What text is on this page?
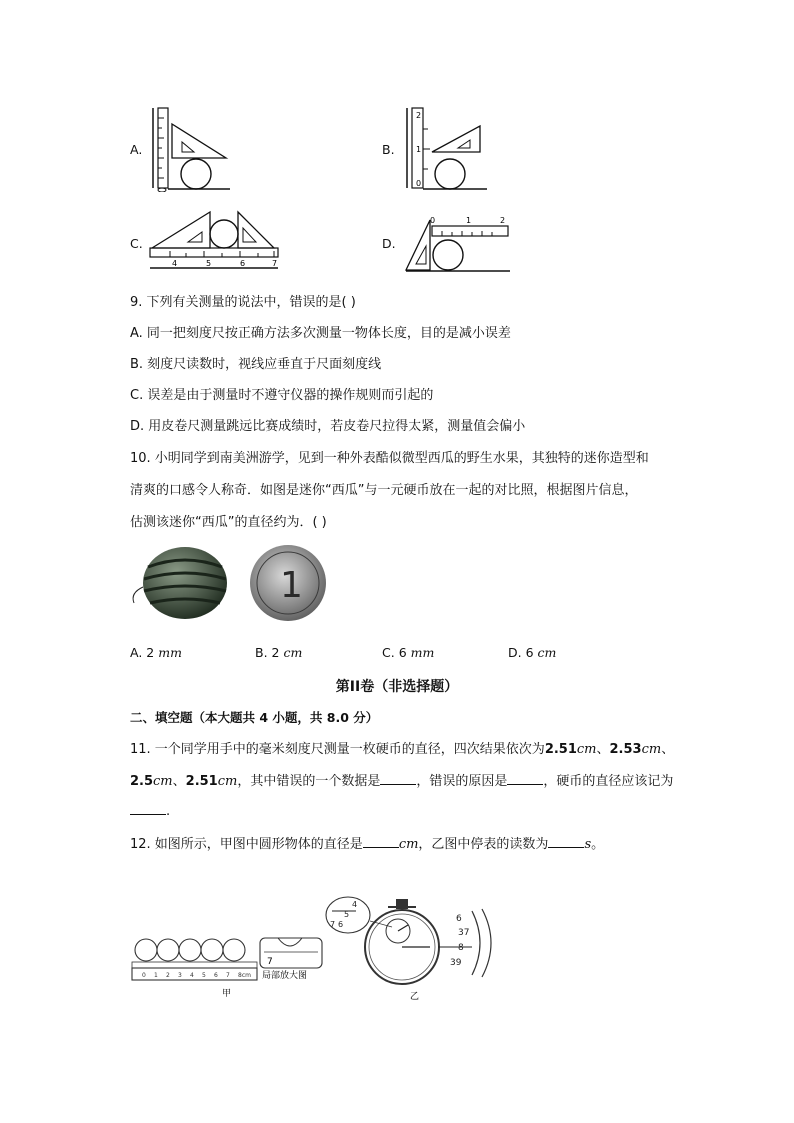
A.	B.
2
1
0
C.
4	5	6	7
D.
0	1	2
9. 下列有关测量的说法中，错误的是( )
A. 同一把刻度尺按正确方法多次测量一物体长度，目的是减小误差
B. 刻度尺读数时，视线应垂直于尺面刻度线
C. 误差是由于测量时不遵守仪器的操作规则而引起的
D. 用皮卷尺测量跳远比赛成绩时，若皮卷尺拉得太紧，测量值会偏小
10. 小明同学到南美洲游学，见到一种外表酷似微型西瓜的野生水果，其独特的迷你造型和
清爽的口感令人称奇．如图是迷你“西瓜”与一元硬币放在一起的对比照，根据图片信息，
估测该迷你“西瓜”的直径约为．( )
1
A. 2 mm	B. 2 cm	C. 6 mm	D. 6 cm
第II卷（非选择题）
二、填空题（本大题共 4 小题，共 8.0 分）
11. 一个同学用手中的毫米刻度尺测量一枚硬币的直径，四次结果依次为2.51cm、2.53cm、
2.5cm、2.51cm，其中错误的一个数据是	，错误的原因是	，硬币的直径应该记为
.
12. 如图所示，甲图中圆形物体的直径是	cm，乙图中停表的读数为	s。
0 1 2 3 4 5 6 7 8cm
7
局部放大图
甲
4
5
7 6
6
37
8
39
乙
